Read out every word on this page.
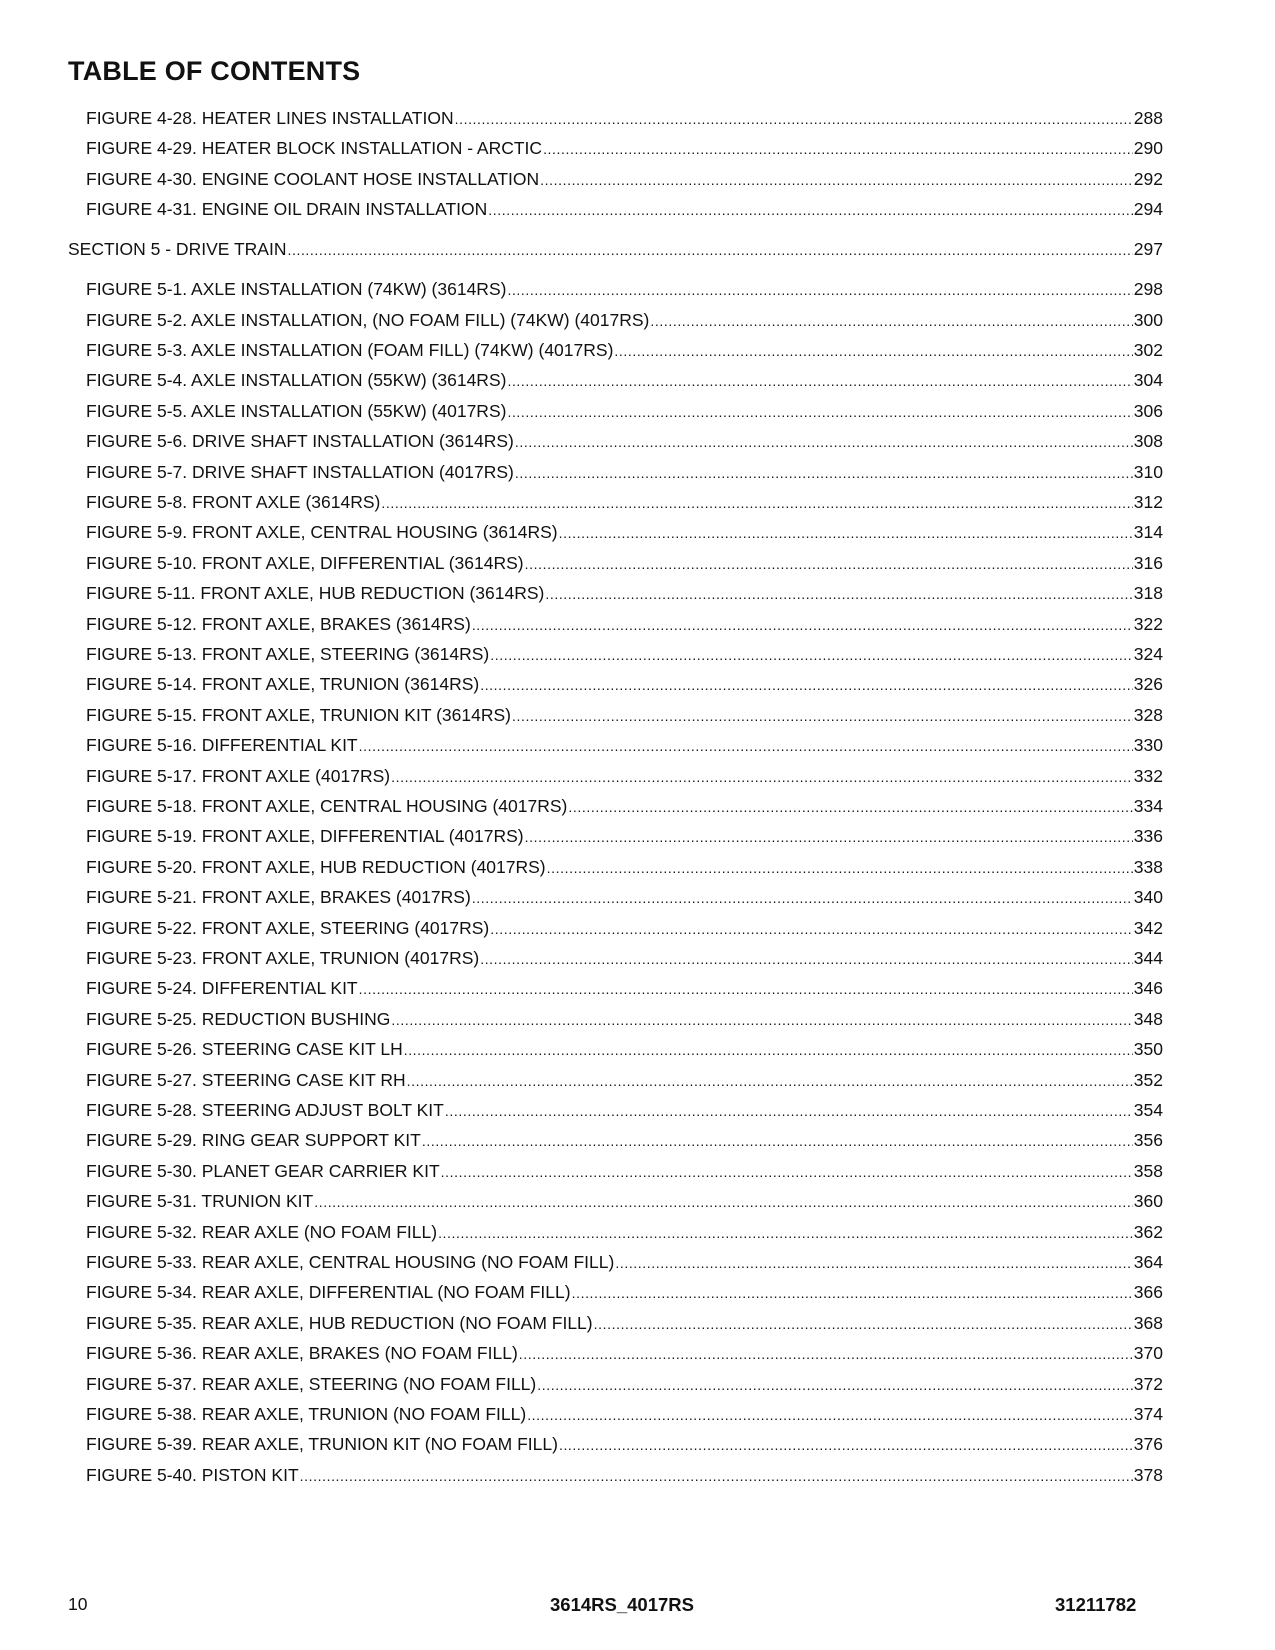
TABLE OF CONTENTS
FIGURE 4-28. HEATER LINES INSTALLATION .....	288
FIGURE 4-29. HEATER BLOCK INSTALLATION - ARCTIC .....	290
FIGURE 4-30. ENGINE COOLANT HOSE INSTALLATION .....	292
FIGURE 4-31. ENGINE OIL DRAIN INSTALLATION .....	294
SECTION 5 - DRIVE TRAIN .....	297
FIGURE 5-1. AXLE INSTALLATION (74KW) (3614RS) .....	298
FIGURE 5-2. AXLE INSTALLATION, (NO FOAM FILL) (74KW) (4017RS) .....	300
FIGURE 5-3. AXLE INSTALLATION (FOAM FILL) (74KW) (4017RS) .....	302
FIGURE 5-4. AXLE INSTALLATION (55KW) (3614RS) .....	304
FIGURE 5-5. AXLE INSTALLATION (55KW) (4017RS) .....	306
FIGURE 5-6. DRIVE SHAFT INSTALLATION (3614RS) .....	308
FIGURE 5-7. DRIVE SHAFT INSTALLATION (4017RS) .....	310
FIGURE 5-8. FRONT AXLE (3614RS) .....	312
FIGURE 5-9. FRONT AXLE, CENTRAL HOUSING (3614RS) .....	314
FIGURE 5-10. FRONT AXLE, DIFFERENTIAL (3614RS) .....	316
FIGURE 5-11. FRONT AXLE, HUB REDUCTION (3614RS) .....	318
FIGURE 5-12. FRONT AXLE, BRAKES (3614RS) .....	322
FIGURE 5-13. FRONT AXLE, STEERING (3614RS) .....	324
FIGURE 5-14. FRONT AXLE, TRUNION (3614RS) .....	326
FIGURE 5-15. FRONT AXLE, TRUNION KIT (3614RS) .....	328
FIGURE 5-16. DIFFERENTIAL KIT .....	330
FIGURE 5-17. FRONT AXLE (4017RS) .....	332
FIGURE 5-18. FRONT AXLE, CENTRAL HOUSING (4017RS) .....	334
FIGURE 5-19. FRONT AXLE, DIFFERENTIAL (4017RS) .....	336
FIGURE 5-20. FRONT AXLE, HUB REDUCTION (4017RS) .....	338
FIGURE 5-21. FRONT AXLE, BRAKES (4017RS) .....	340
FIGURE 5-22. FRONT AXLE, STEERING (4017RS) .....	342
FIGURE 5-23. FRONT AXLE, TRUNION (4017RS) .....	344
FIGURE 5-24. DIFFERENTIAL KIT .....	346
FIGURE 5-25. REDUCTION BUSHING .....	348
FIGURE 5-26. STEERING CASE KIT LH .....	350
FIGURE 5-27. STEERING CASE KIT RH .....	352
FIGURE 5-28. STEERING ADJUST BOLT KIT .....	354
FIGURE 5-29. RING GEAR SUPPORT KIT .....	356
FIGURE 5-30. PLANET GEAR CARRIER KIT .....	358
FIGURE 5-31. TRUNION KIT .....	360
FIGURE 5-32. REAR AXLE (NO FOAM FILL) .....	362
FIGURE 5-33. REAR AXLE, CENTRAL HOUSING (NO FOAM FILL) .....	364
FIGURE 5-34. REAR AXLE, DIFFERENTIAL (NO FOAM FILL) .....	366
FIGURE 5-35. REAR AXLE, HUB REDUCTION (NO FOAM FILL) .....	368
FIGURE 5-36. REAR AXLE, BRAKES (NO FOAM FILL) .....	370
FIGURE 5-37. REAR AXLE, STEERING (NO FOAM FILL) .....	372
FIGURE 5-38. REAR AXLE, TRUNION (NO FOAM FILL) .....	374
FIGURE 5-39. REAR AXLE, TRUNION KIT (NO FOAM FILL) .....	376
FIGURE 5-40. PISTON KIT .....	378
10	3614RS_4017RS	31211782
